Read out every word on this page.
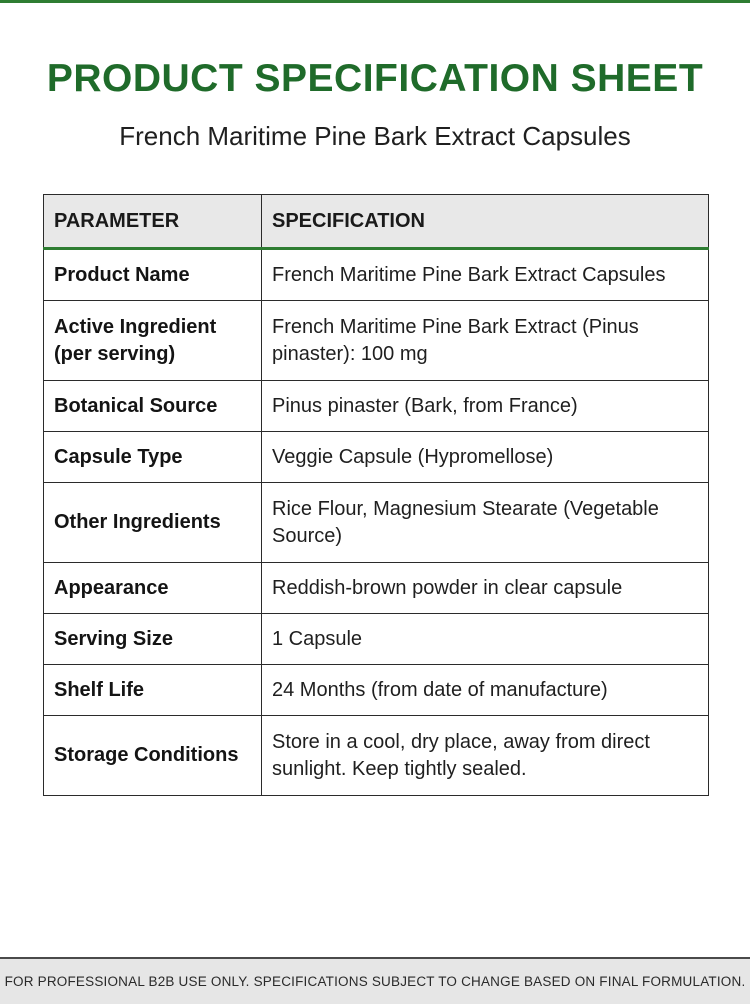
PRODUCT SPECIFICATION SHEET
French Maritime Pine Bark Extract Capsules
PARAMETER	SPECIFICATION
Product Name	French Maritime Pine Bark Extract Capsules
Active Ingredient (per serving)	French Maritime Pine Bark Extract (Pinus pinaster): 100 mg
Botanical Source	Pinus pinaster (Bark, from France)
Capsule Type	Veggie Capsule (Hypromellose)
Other Ingredients	Rice Flour, Magnesium Stearate (Vegetable Source)
Appearance	Reddish-brown powder in clear capsule
Serving Size	1 Capsule
Shelf Life	24 Months (from date of manufacture)
Storage Conditions	Store in a cool, dry place, away from direct sunlight. Keep tightly sealed.
FOR PROFESSIONAL B2B USE ONLY. SPECIFICATIONS SUBJECT TO CHANGE BASED ON FINAL FORMULATION.
